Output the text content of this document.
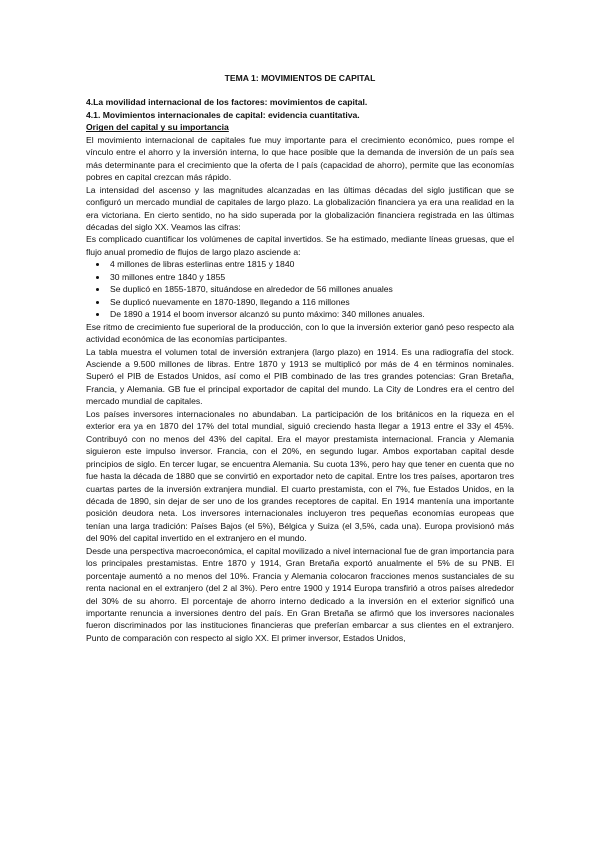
TEMA 1: MOVIMIENTOS DE CAPITAL
4.La movilidad internacional de los factores: movimientos de capital.
4.1. Movimientos internacionales de capital: evidencia cuantitativa.
Origen del capital y su importancia

El movimiento internacional de capitales fue muy importante para el crecimiento económico, pues rompe el vínculo entre el ahorro y la inversión interna, lo que hace posible que la demanda de inversión de un país sea más determinante para el crecimiento que la oferta de l país (capacidad de ahorro), permite que las economías pobres en capital crezcan más rápido.

La intensidad del ascenso y las magnitudes alcanzadas en las últimas décadas del siglo justifican que se configuró un mercado mundial de capitales de largo plazo. La globalización financiera ya era una realidad en la era victoriana. En cierto sentido, no ha sido superada por la globalización financiera registrada en las últimas décadas del siglo XX. Veamos las cifras:

Es complicado cuantificar los volúmenes de capital invertidos. Se ha estimado, mediante líneas gruesas, que el flujo anual promedio de flujos de largo plazo asciende a:

• 4 millones de libras esterlinas entre 1815 y 1840
• 30 millones entre 1840 y 1855
• Se duplicó en 1855-1870, situándose en alrededor de 56 millones anuales
• Se duplicó nuevamente en 1870-1890, llegando a 116 millones
• De 1890 a 1914 el boom inversor alcanzó su punto máximo: 340 millones anuales.

Ese ritmo de crecimiento fue superioral de la producción, con lo que la inversión exterior ganó peso respecto ala actividad económica de las economías participantes.

La tabla muestra el volumen total de inversión extranjera (largo plazo) en 1914. Es una radiografía del stock. Asciende a 9.500 millones de libras. Entre 1870 y 1913 se multiplicó por más de 4 en términos nominales. Superó el PIB de Estados Unidos, así como el PIB combinado de las tres grandes potencias: Gran Bretaña, Francia, y Alemania. GB fue el principal exportador de capital del mundo. La City de Londres era el centro del mercado mundial de capitales.

Los países inversores internacionales no abundaban. La participación de los británicos en la riqueza en el exterior era ya en 1870 del 17% del total mundial, siguió creciendo hasta llegar a 1913 entre el 33y el 45%. Contribuyó con no menos del 43% del capital. Era el mayor prestamista internacional. Francia y Alemania siguieron este impulso inversor. Francia, con el 20%, en segundo lugar. Ambos exportaban capital desde principios de siglo. En tercer lugar, se encuentra Alemania. Su cuota 13%, pero hay que tener en cuenta que no fue hasta la década de 1880 que se convirtió en exportador neto de capital. Entre los tres países, aportaron tres cuartas partes de la inversión extranjera mundial. El cuarto prestamista, con el 7%, fue Estados Unidos, en la década de 1890, sin dejar de ser uno de los grandes receptores de capital. En 1914 mantenía una importante posición deudora neta. Los inversores internacionales incluyeron tres pequeñas economías europeas que tenían una larga tradición: Países Bajos (el 5%), Bélgica y Suiza (el 3,5%, cada una). Europa provisionó más del 90% del capital invertido en el extranjero en el mundo.

Desde una perspectiva macroeconómica, el capital movilizado a nivel internacional fue de gran importancia para los principales prestamistas. Entre 1870 y 1914, Gran Bretaña exportó anualmente el 5% de su PNB. El porcentaje aumentó a no menos del 10%. Francia y Alemania colocaron fracciones menos sustanciales de su renta nacional en el extranjero (del 2 al 3%). Pero entre 1900 y 1914 Europa transfirió a otros países alrededor del 30% de su ahorro. El porcentaje de ahorro interno dedicado a la inversión en el exterior significó una importante renuncia a inversiones dentro del país. En Gran Bretaña se afirmó que los inversores nacionales fueron discriminados por las instituciones financieras que preferían embarcar a sus clientes en el extranjero. Punto de comparación con respecto al siglo XX. El primer inversor, Estados Unidos,
